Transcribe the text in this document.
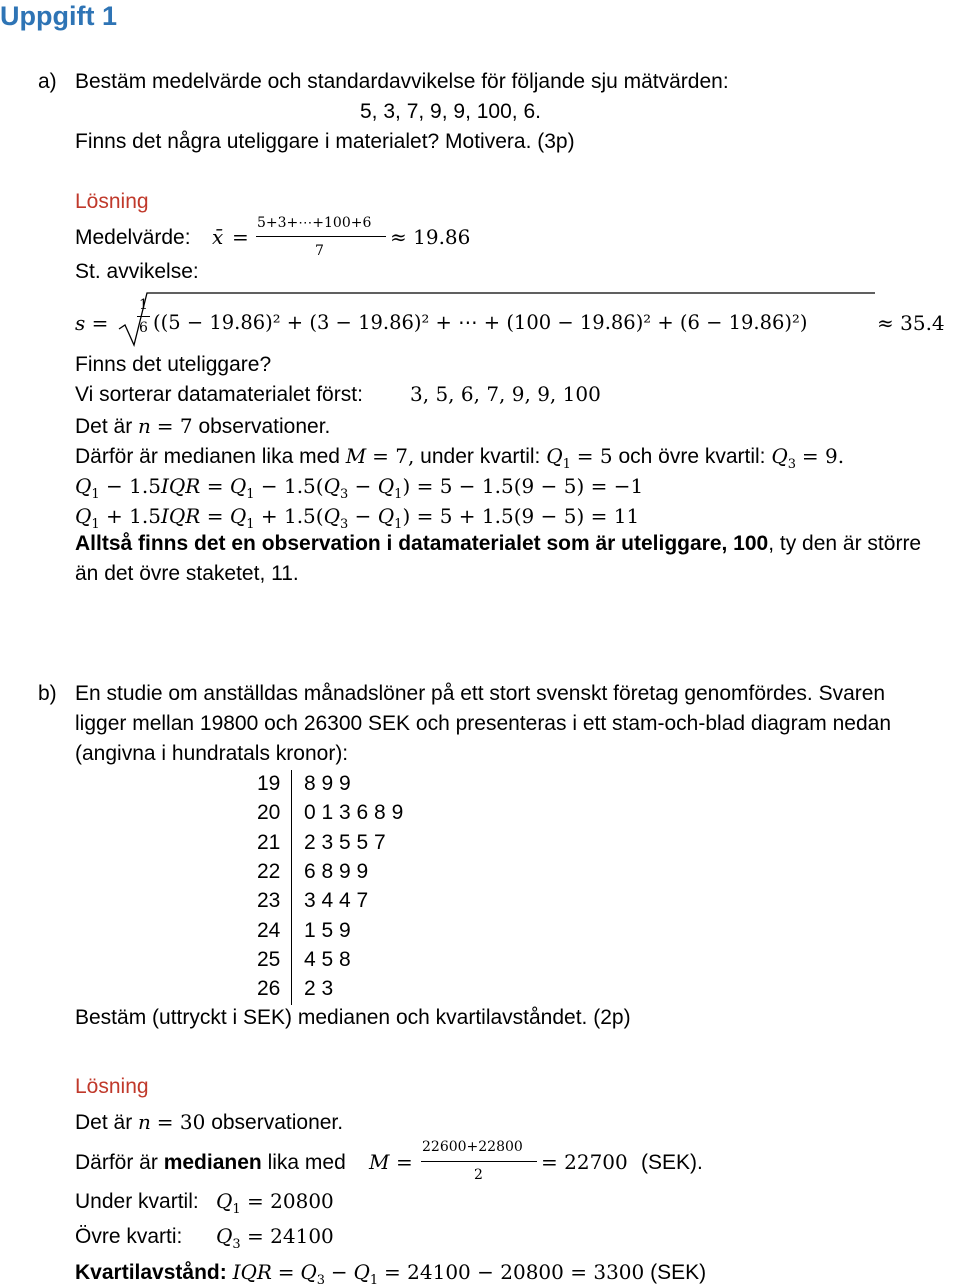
Uppgift 1
a) Bestäm medelvärde och standardavvikelse för följande sju mätvärden:
5, 3, 7, 9, 9, 100, 6.
Finns det några uteliggare i materialet? Motivera. (3p)
Lösning
Medelvärde: x̄ =
5+3+⋯+100+6
7
≈ 19.86
St. avvikelse:
s =
1
6 ((5 − 19.86)² + (3 − 19.86)² + ⋯ + (100 − 19.86)² + (6 − 19.86)²)	≈ 35.4
Finns det uteliggare?
Vi sorterar datamaterialet först: 3, 5, 6, 7, 9, 9, 100
Det är n = 7 observationer.
Därför är medianen lika med M = 7, under kvartil: $Q_1 = 5$ och övre kvartil: $Q_3 = 9$.
$Q_1 - 1.5IQR = Q_1 - 1.5(Q_3 - Q_1) = 5 - 1.5(9 - 5) = -1$
$Q_1 + 1.5IQR = Q_1 + 1.5(Q_3 - Q_1) = 5 + 1.5(9 - 5) = 11$
Alltså finns det en observation i datamaterialet som är uteliggare, 100, ty den är större
än det övre staketet, 11.
b) En studie om anställdas månadslöner på ett stort svenskt företag genomfördes. Svaren
ligger mellan 19800 och 26300 SEK och presenteras i ett stam-och-blad diagram nedan
(angivna i hundratals kronor):
19 8 9 9
20 0 1 3 6 8 9
21 2 3 5 5 7
22 6 8 9 9
23 3 4 4 7
24 1 5 9
25 4 5 8
26 2 3
Bestäm (uttryckt i SEK) medianen och kvartilavståndet. (2p)
Lösning
Det är n = 30 observationer.
Därför är medianen lika med M =
22600+22800
2
= 22700 (SEK).
Under kvartil: $Q_1 = 20800$
Övre kvarti: $Q_3 = 24100$
Kvartilavstånd: IQR = $Q_3 - Q_1 = 24100 - 20800 = 3300$ (SEK)
